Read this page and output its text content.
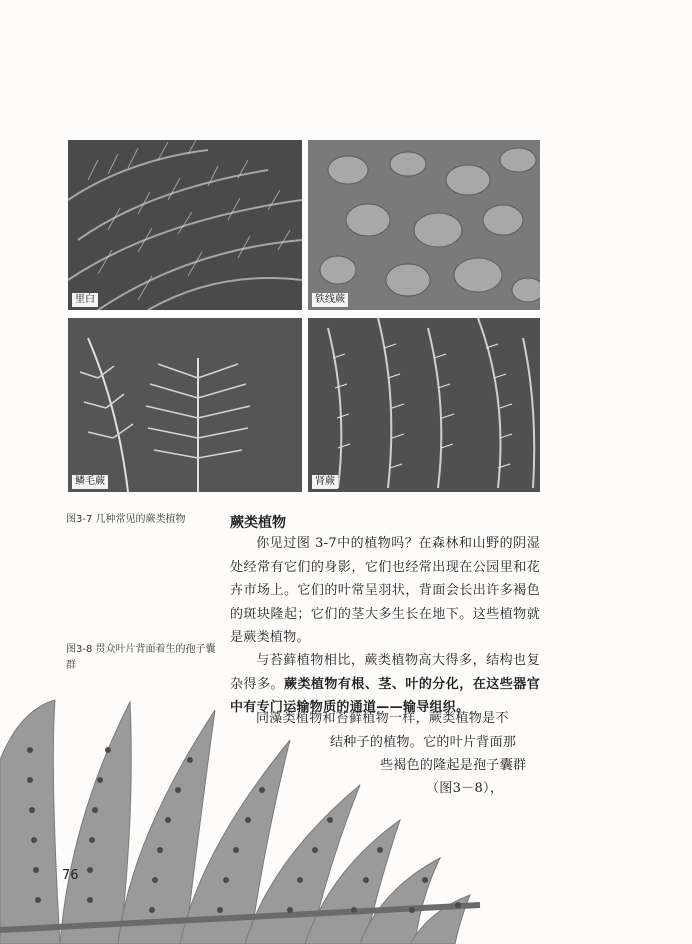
里白	铁线蕨
鳞毛蕨	肾蕨
图3-7 几种常见的蕨类植物
图3-8 贯众叶片背面着生的孢子囊群
蕨类植物
你见过图 3-7中的植物吗？在森林和山野的阴湿处经常有它们的身影，它们也经常出现在公园里和花卉市场上。它们的叶常呈羽状，背面会长出许多褐色的斑块隆起；它们的茎大多生长在地下。这些植物就是蕨类植物。
与苔藓植物相比，蕨类植物高大得多，结构也复杂得多。蕨类植物有根、茎、叶的分化，在这些器官中有专门运输物质的通道——输导组织。
同藻类植物和苔藓植物一样，蕨类植物是不
结种子的植物。它的叶片背面那
些褐色的隆起是孢子囊群
（图3－8），
76
